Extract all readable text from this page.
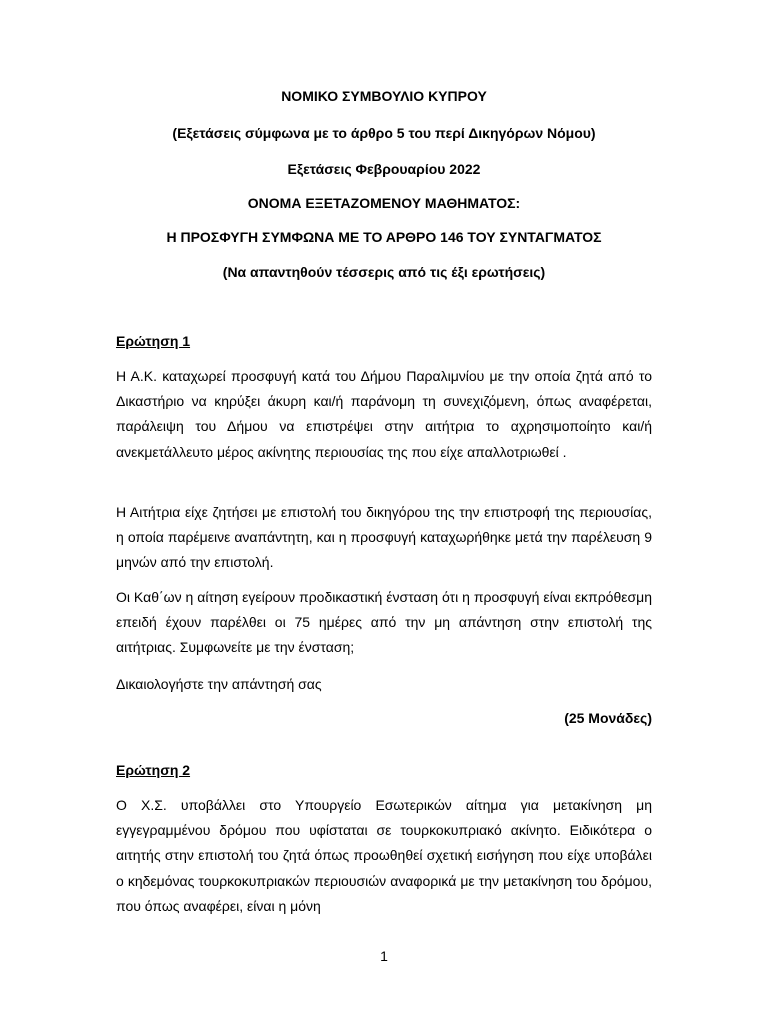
ΝΟΜΙΚΟ ΣΥΜΒΟΥΛΙΟ ΚΥΠΡΟΥ
(Εξετάσεις σύμφωνα με το άρθρο 5 του περί Δικηγόρων Νόμου)
Εξετάσεις Φεβρουαρίου 2022
ΟΝΟΜΑ ΕΞΕΤΑΖΟΜΕΝΟΥ ΜΑΘΗΜΑΤΟΣ:
Η ΠΡΟΣΦΥΓΗ ΣΥΜΦΩΝΑ ΜΕ ΤΟ ΑΡΘΡΟ 146 ΤΟΥ ΣΥΝΤΑΓΜΑΤΟΣ
(Να απαντηθούν τέσσερις από τις έξι ερωτήσεις)
Ερώτηση 1

Η Α.Κ. καταχωρεί προσφυγή κατά του Δήμου Παραλιμνίου με την οποία ζητά από το Δικαστήριο να κηρύξει άκυρη και/ή παράνομη τη συνεχιζόμενη, όπως αναφέρεται, παράλειψη του Δήμου να επιστρέψει στην αιτήτρια το αχρησιμοποίητο και/ή ανεκμετάλλευτο μέρος ακίνητης περιουσίας της που είχε απαλλοτριωθεί .

Η Αιτήτρια είχε ζητήσει με επιστολή του δικηγόρου της την επιστροφή της περιουσίας, η οποία παρέμεινε αναπάντητη, και η προσφυγή καταχωρήθηκε μετά την παρέλευση 9 μηνών από την επιστολή.

Οι Καθ΄ων η αίτηση εγείρουν προδικαστική ένσταση ότι η προσφυγή είναι εκπρόθεσμη επειδή έχουν παρέλθει οι 75 ημέρες από την μη απάντηση στην επιστολή της αιτήτριας. Συμφωνείτε με την ένσταση;

Δικαιολογήστε την απάντησή σας

(25 Μονάδες)
Ερώτηση 2

Ο Χ.Σ. υποβάλλει στο Υπουργείο Εσωτερικών αίτημα για μετακίνηση μη εγγεγραμμένου δρόμου που υφίσταται σε τουρκοκυπριακό ακίνητο. Ειδικότερα ο αιτητής στην επιστολή του ζητά όπως προωθηθεί σχετική εισήγηση που είχε υποβάλει ο κηδεμόνας τουρκοκυπριακών περιουσιών αναφορικά με την μετακίνηση του δρόμου, που όπως αναφέρει, είναι η μόνη

1
